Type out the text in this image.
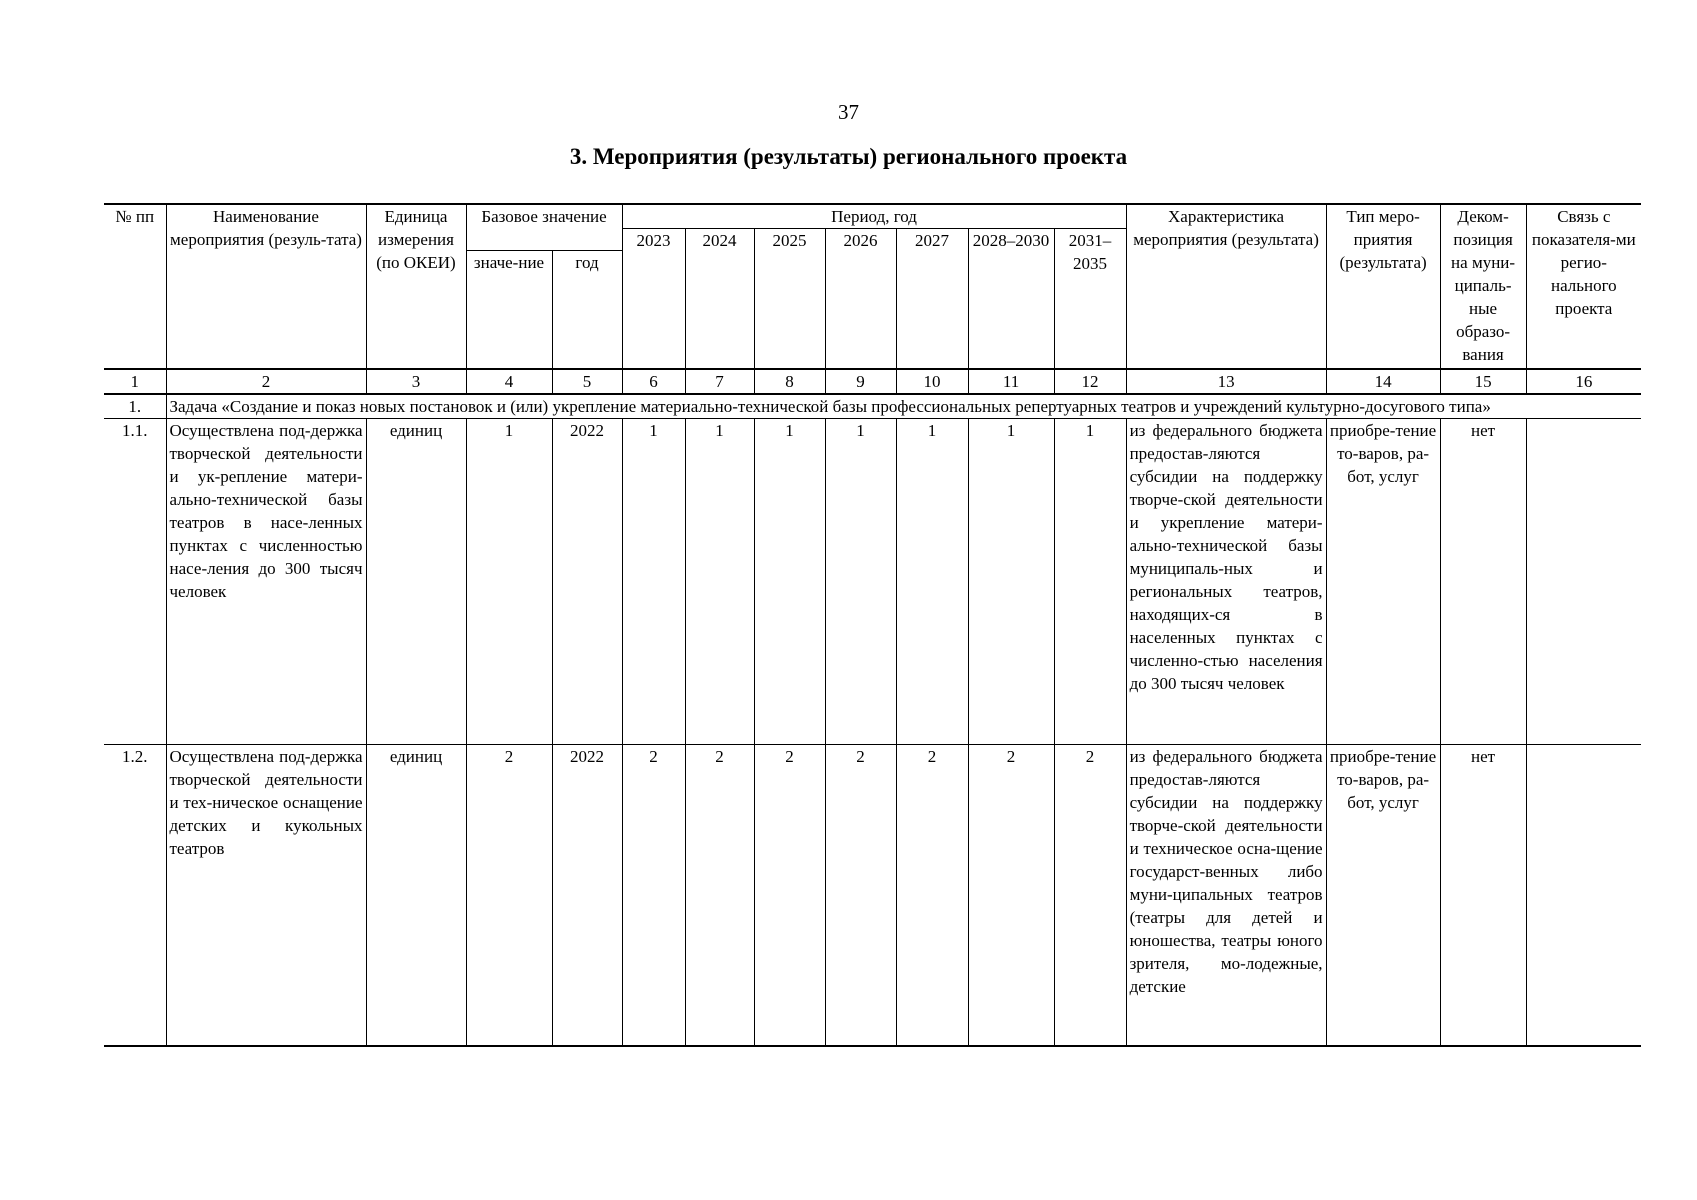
37
3. Мероприятия (результаты) регионального проекта
№ пп	Наименование мероприятия (резуль-тата)	Единица измерения (по ОКЕИ)	Базовое значение		Период, год							Характеристика мероприятия (результата)	Тип меро-приятия (результата)	Деком-позиция на муни-ципаль-ные образо-вания	Связь с показателя-ми регио-нального проекта
					2023	2024	2025	2026	2027	2028–2030	2031–2035				
			значе-ние	год											
1	2	3	4	5	6	7	8	9	10	11	12	13	14	15	16
1.	Задача «Создание и показ новых постановок и (или) укрепление материально-технической базы профессиональных репертуарных театров и учреждений культурно-досугового типа»														
1.1.	Осуществлена под-держка творческой деятельности и ук-репление матери-ально-технической базы театров в насе-ленных пунктах с численностью насе-ления до 300 тысяч человек	единиц	1	2022	1	1	1	1	1	1	1	из федерального бюджета предостав-ляются субсидии на поддержку творче-ской деятельности и укрепление матери-ально-технической базы муниципаль-ных и региональных театров, находящих-ся в населенных пунктах с численно-стью населения до 300 тысяч человек	приобре-тение то-варов, ра-бот, услуг	нет	
1.2.	Осуществлена под-держка творческой деятельности и тех-ническое оснащение детских и кукольных театров	единиц	2	2022	2	2	2	2	2	2	2	из федерального бюджета предостав-ляются субсидии на поддержку творче-ской деятельности и техническое осна-щение государст-венных либо муни-ципальных театров (театры для детей и юношества, театры юного зрителя, мо-лодежные, детские	приобре-тение то-варов, ра-бот, услуг	нет	
